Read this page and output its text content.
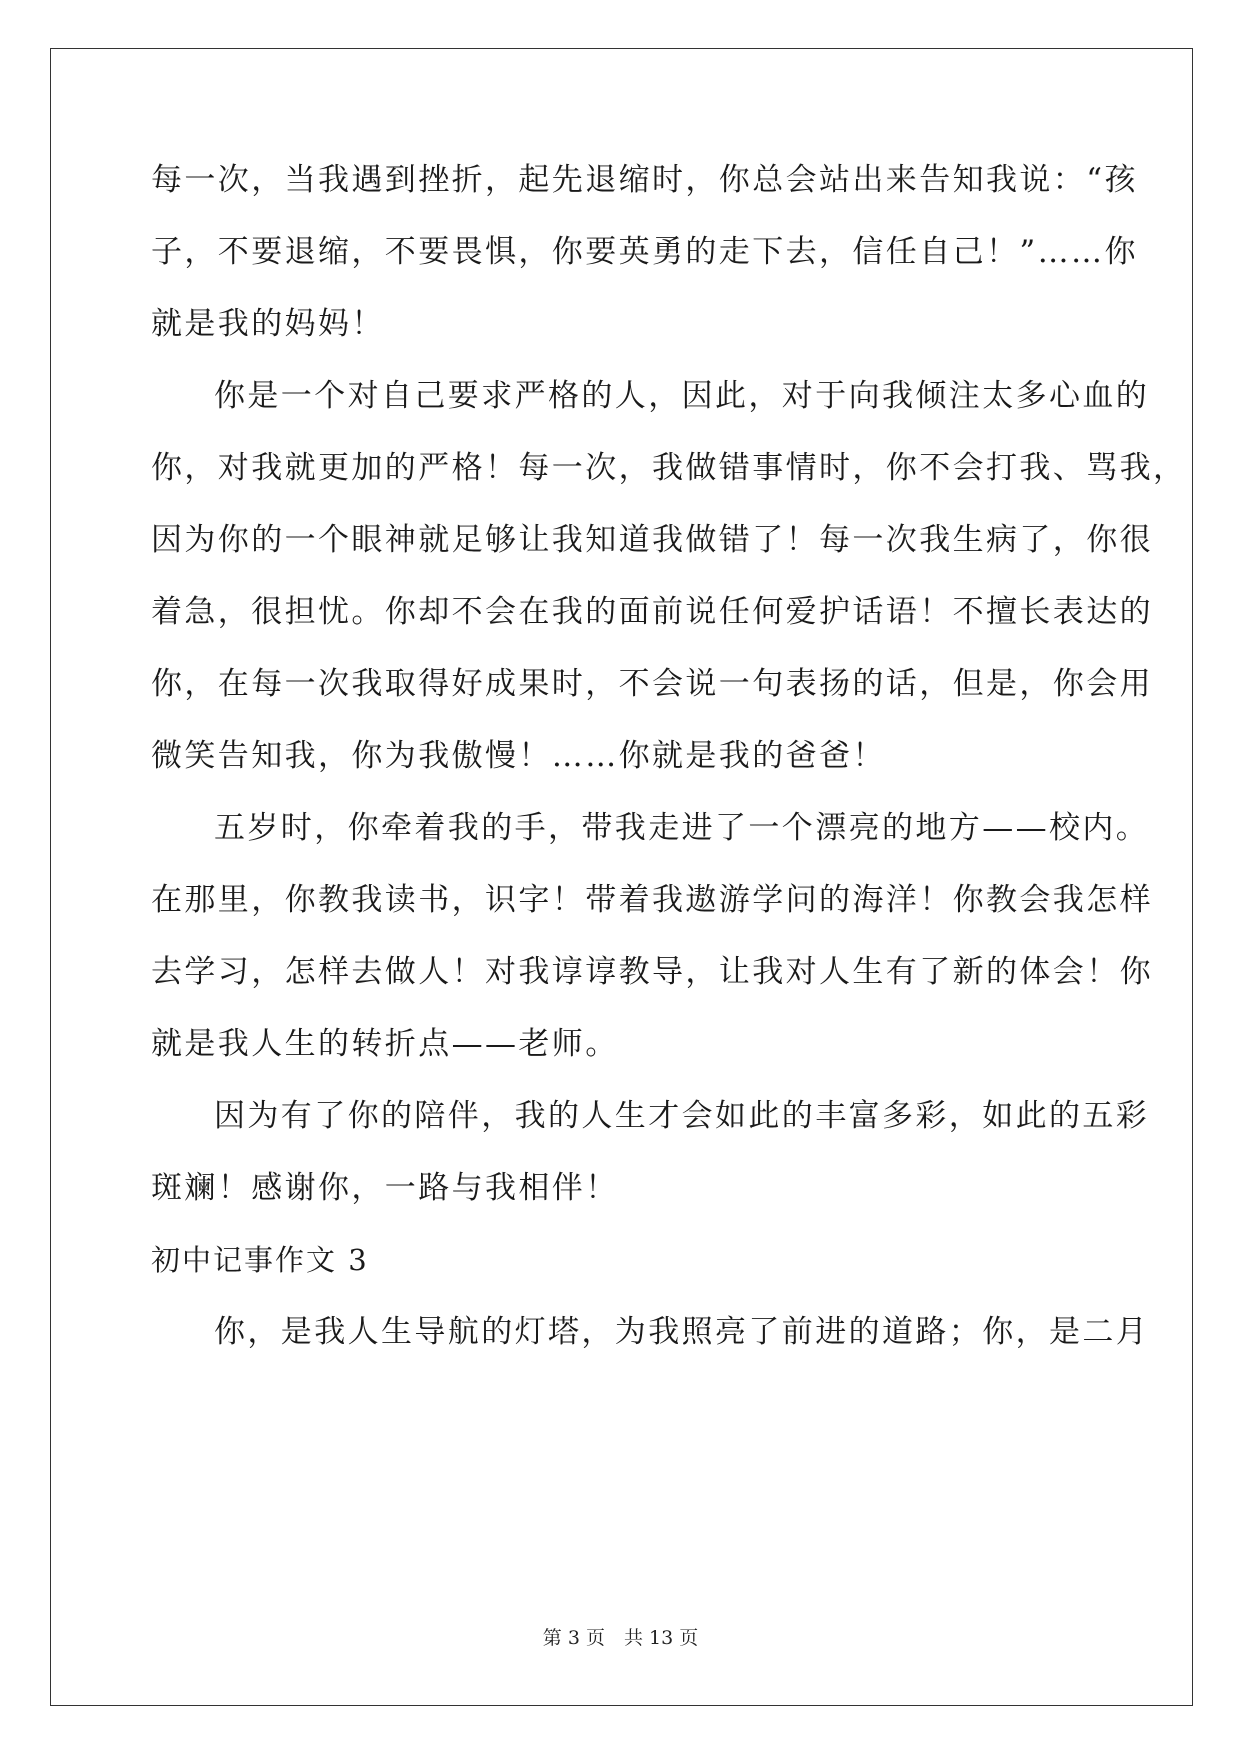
每一次，当我遇到挫折，起先退缩时，你总会站出来告知我说：“孩
子，不要退缩，不要畏惧，你要英勇的走下去，信任自己！”……你
就是我的妈妈！
你是一个对自己要求严格的人，因此，对于向我倾注太多心血的
你，对我就更加的严格！每一次，我做错事情时，你不会打我、骂我，
因为你的一个眼神就足够让我知道我做错了！每一次我生病了，你很
着急，很担忧。你却不会在我的面前说任何爱护话语！不擅长表达的
你，在每一次我取得好成果时，不会说一句表扬的话，但是，你会用
微笑告知我，你为我傲慢！……你就是我的爸爸！
五岁时，你牵着我的手，带我走进了一个漂亮的地方——校内。
在那里，你教我读书，识字！带着我遨游学问的海洋！你教会我怎样
去学习，怎样去做人！对我谆谆教导，让我对人生有了新的体会！你
就是我人生的转折点——老师。
因为有了你的陪伴，我的人生才会如此的丰富多彩，如此的五彩
斑斓！感谢你，一路与我相伴！
初中记事作文 3
你，是我人生导航的灯塔，为我照亮了前进的道路；你，是二月
第 3 页　共 13 页
